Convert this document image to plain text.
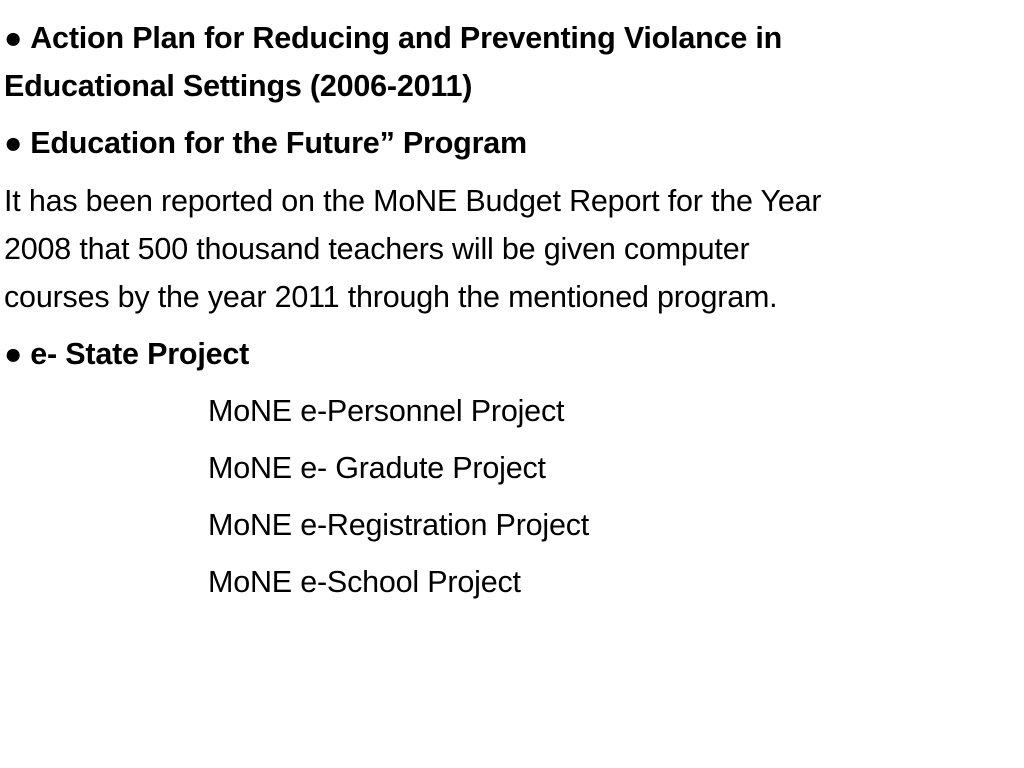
● Action Plan for Reducing and Preventing Violance in
Educational Settings (2006-2011)
● Education for the Future” Program
It has been reported on the MoNE Budget Report for the Year
2008 that 500 thousand teachers will be given computer
courses by the year 2011 through the mentioned program.
● e- State Project
MoNE e-Personnel Project
MoNE e- Gradute Project
MoNE e-Registration Project
MoNE e-School Project
